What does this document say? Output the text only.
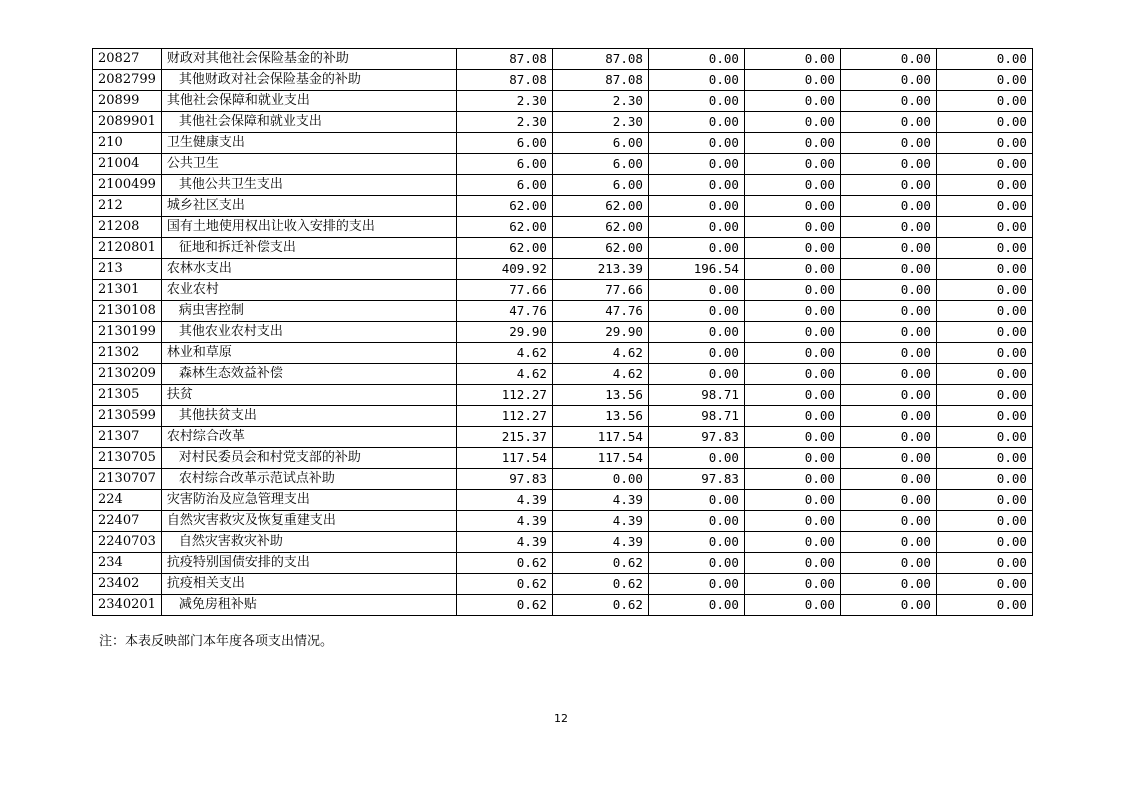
20827	财政对其他社会保险基金的补助	87.08	87.08	0.00	0.00	0.00	0.00
2082799	其他财政对社会保险基金的补助	87.08	87.08	0.00	0.00	0.00	0.00
20899	其他社会保障和就业支出	2.30	2.30	0.00	0.00	0.00	0.00
2089901	其他社会保障和就业支出	2.30	2.30	0.00	0.00	0.00	0.00
210	卫生健康支出	6.00	6.00	0.00	0.00	0.00	0.00
21004	公共卫生	6.00	6.00	0.00	0.00	0.00	0.00
2100499	其他公共卫生支出	6.00	6.00	0.00	0.00	0.00	0.00
212	城乡社区支出	62.00	62.00	0.00	0.00	0.00	0.00
21208	国有土地使用权出让收入安排的支出	62.00	62.00	0.00	0.00	0.00	0.00
2120801	征地和拆迁补偿支出	62.00	62.00	0.00	0.00	0.00	0.00
213	农林水支出	409.92	213.39	196.54	0.00	0.00	0.00
21301	农业农村	77.66	77.66	0.00	0.00	0.00	0.00
2130108	病虫害控制	47.76	47.76	0.00	0.00	0.00	0.00
2130199	其他农业农村支出	29.90	29.90	0.00	0.00	0.00	0.00
21302	林业和草原	4.62	4.62	0.00	0.00	0.00	0.00
2130209	森林生态效益补偿	4.62	4.62	0.00	0.00	0.00	0.00
21305	扶贫	112.27	13.56	98.71	0.00	0.00	0.00
2130599	其他扶贫支出	112.27	13.56	98.71	0.00	0.00	0.00
21307	农村综合改革	215.37	117.54	97.83	0.00	0.00	0.00
2130705	对村民委员会和村党支部的补助	117.54	117.54	0.00	0.00	0.00	0.00
2130707	农村综合改革示范试点补助	97.83	0.00	97.83	0.00	0.00	0.00
224	灾害防治及应急管理支出	4.39	4.39	0.00	0.00	0.00	0.00
22407	自然灾害救灾及恢复重建支出	4.39	4.39	0.00	0.00	0.00	0.00
2240703	自然灾害救灾补助	4.39	4.39	0.00	0.00	0.00	0.00
234	抗疫特别国债安排的支出	0.62	0.62	0.00	0.00	0.00	0.00
23402	抗疫相关支出	0.62	0.62	0.00	0.00	0.00	0.00
2340201	减免房租补贴	0.62	0.62	0.00	0.00	0.00	0.00
注：本表反映部门本年度各项支出情况。
12
